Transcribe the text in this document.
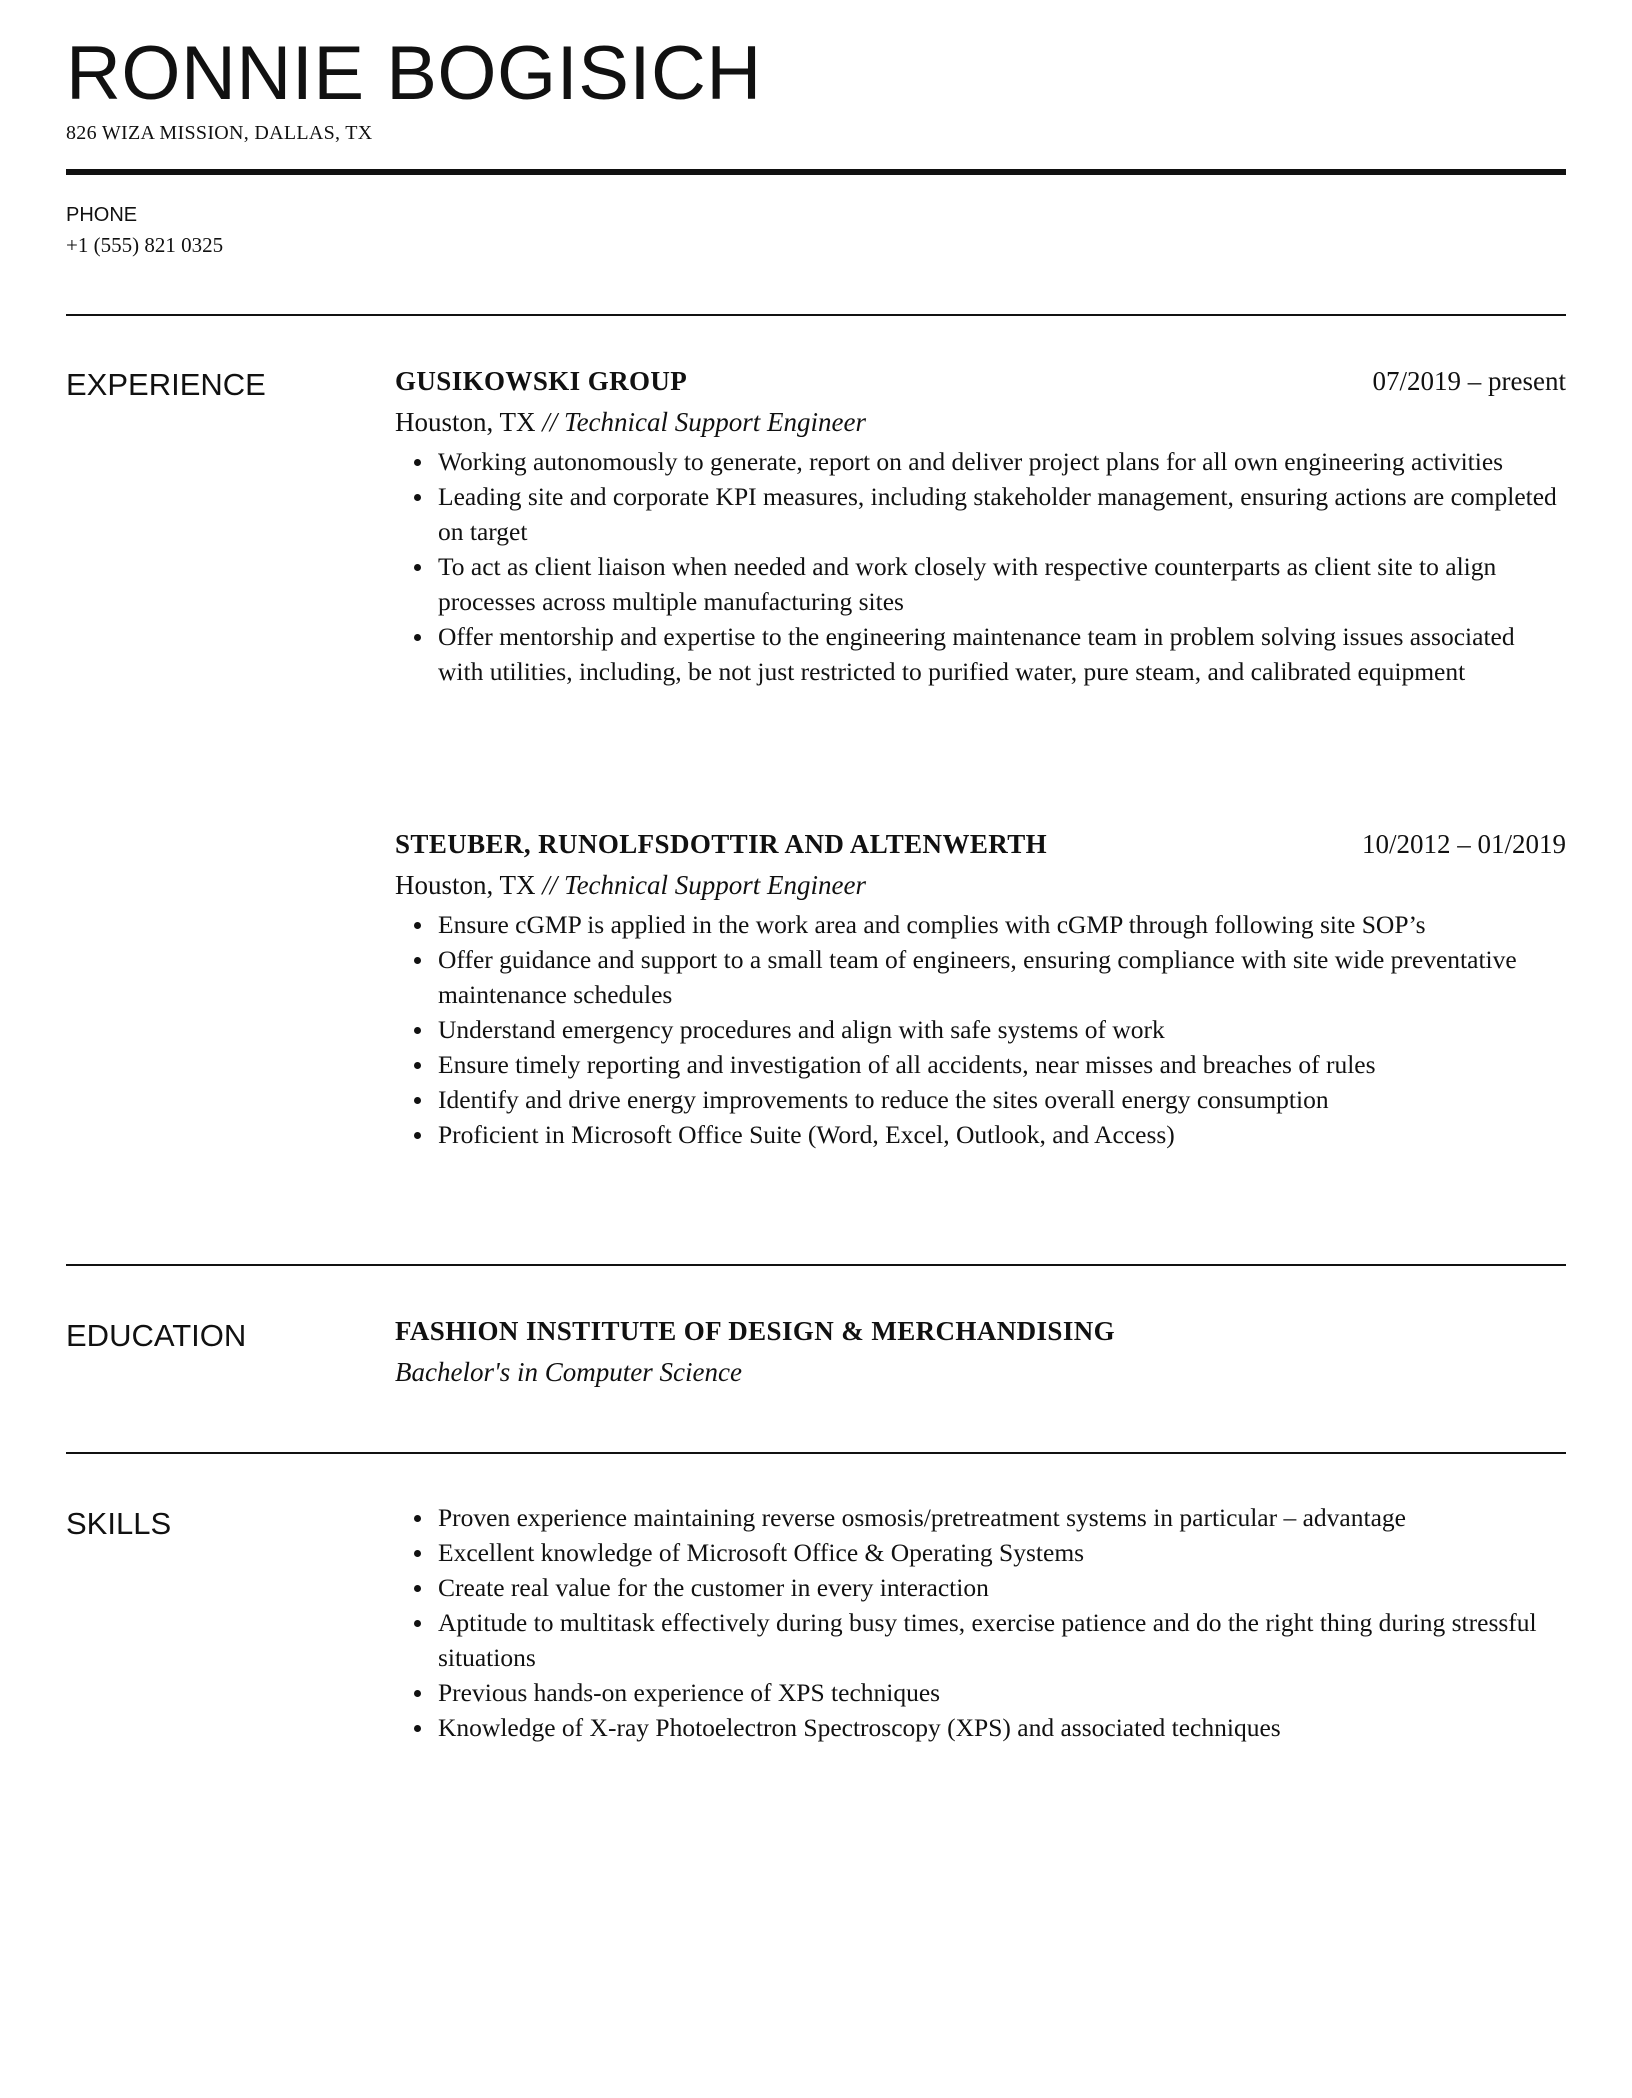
RONNIE BOGISICH
826 WIZA MISSION, DALLAS, TX
PHONE
+1 (555) 821 0325
EXPERIENCE	GUSIKOWSKI GROUP	07/2019 – present
Houston, TX // Technical Support Engineer
Working autonomously to generate, report on and deliver project plans for all own engineering activities
Leading site and corporate KPI measures, including stakeholder management, ensuring actions are completed on target
To act as client liaison when needed and work closely with respective counterparts as client site to align processes across multiple manufacturing sites
Offer mentorship and expertise to the engineering maintenance team in problem solving issues associated with utilities, including, be not just restricted to purified water, pure steam, and calibrated equipment
STEUBER, RUNOLFSDOTTIR AND ALTENWERTH	10/2012 – 01/2019
Houston, TX // Technical Support Engineer
Ensure cGMP is applied in the work area and complies with cGMP through following site SOP’s
Offer guidance and support to a small team of engineers, ensuring compliance with site wide preventative maintenance schedules
Understand emergency procedures and align with safe systems of work
Ensure timely reporting and investigation of all accidents, near misses and breaches of rules
Identify and drive energy improvements to reduce the sites overall energy consumption
Proficient in Microsoft Office Suite (Word, Excel, Outlook, and Access)
EDUCATION	FASHION INSTITUTE OF DESIGN & MERCHANDISING
Bachelor's in Computer Science
SKILLS	Proven experience maintaining reverse osmosis/pretreatment systems in particular – advantage
Excellent knowledge of Microsoft Office & Operating Systems
Create real value for the customer in every interaction
Aptitude to multitask effectively during busy times, exercise patience and do the right thing during stressful situations
Previous hands-on experience of XPS techniques
Knowledge of X-ray Photoelectron Spectroscopy (XPS) and associated techniques
